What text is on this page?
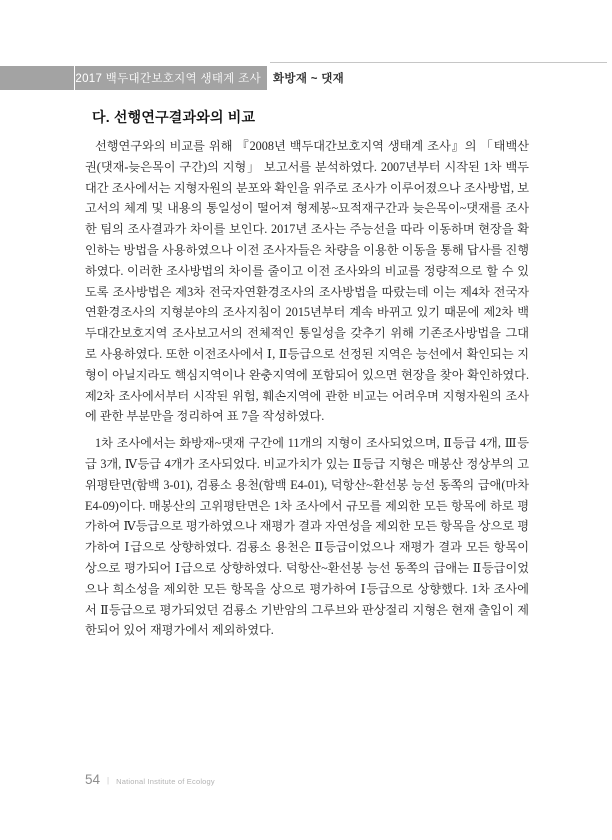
2017 백두대간보호지역 생태계 조사	화방재 ~ 댓재
다. 선행연구결과와의 비교

선행연구와의 비교를 위해 『2008년 백두대간보호지역 생태계 조사』의 「태백산권(댓재-늦은목이 구간)의 지형」 보고서를 분석하였다. 2007년부터 시작된 1차 백두대간 조사에서는 지형자원의 분포와 확인을 위주로 조사가 이루어졌으나 조사방법, 보고서의 체계 및 내용의 통일성이 떨어져 형제봉~묘적재구간과 늦은목이~댓재를 조사한 팀의 조사결과가 차이를 보인다. 2017년 조사는 주능선을 따라 이동하며 현장을 확인하는 방법을 사용하였으나 이전 조사자들은 차량을 이용한 이동을 통해 답사를 진행하였다. 이러한 조사방법의 차이를 줄이고 이전 조사와의 비교를 정량적으로 할 수 있도록 조사방법은 제3차 전국자연환경조사의 조사방법을 따랐는데 이는 제4차 전국자연환경조사의 지형분야의 조사지침이 2015년부터 계속 바뀌고 있기 때문에 제2차 백두대간보호지역 조사보고서의 전체적인 통일성을 갖추기 위해 기존조사방법을 그대로 사용하였다. 또한 이전조사에서 Ⅰ, Ⅱ등급으로 선정된 지역은 능선에서 확인되는 지형이 아닐지라도 핵심지역이나 완충지역에 포함되어 있으면 현장을 찾아 확인하였다. 제2차 조사에서부터 시작된 위험, 훼손지역에 관한 비교는 어려우며 지형자원의 조사에 관한 부분만을 정리하여 표 7을 작성하였다.

1차 조사에서는 화방재~댓재 구간에 11개의 지형이 조사되었으며, Ⅱ등급 4개, Ⅲ등급 3개, Ⅳ등급 4개가 조사되었다. 비교가치가 있는 Ⅱ등급 지형은 매봉산 정상부의 고위평탄면(함백 3-01), 검룡소 용천(함백 E4-01), 덕항산~환선봉 능선 동쪽의 급애(마차 E4-09)이다. 매봉산의 고위평탄면은 1차 조사에서 규모를 제외한 모든 항목에 하로 평가하여 Ⅳ등급으로 평가하였으나 재평가 결과 자연성을 제외한 모든 항목을 상으로 평가하여 Ⅰ급으로 상향하였다. 검룡소 용천은 Ⅱ등급이었으나 재평가 결과 모든 항목이 상으로 평가되어 Ⅰ급으로 상향하였다. 덕항산~환선봉 능선 동쪽의 급애는 Ⅱ등급이었으나 희소성을 제외한 모든 항목을 상으로 평가하여 Ⅰ등급으로 상향했다. 1차 조사에서 Ⅱ등급으로 평가되었던 검룡소 기반암의 그루브와 판상절리 지형은 현재 출입이 제한되어 있어 재평가에서 제외하였다.

54 | National Institute of Ecology
